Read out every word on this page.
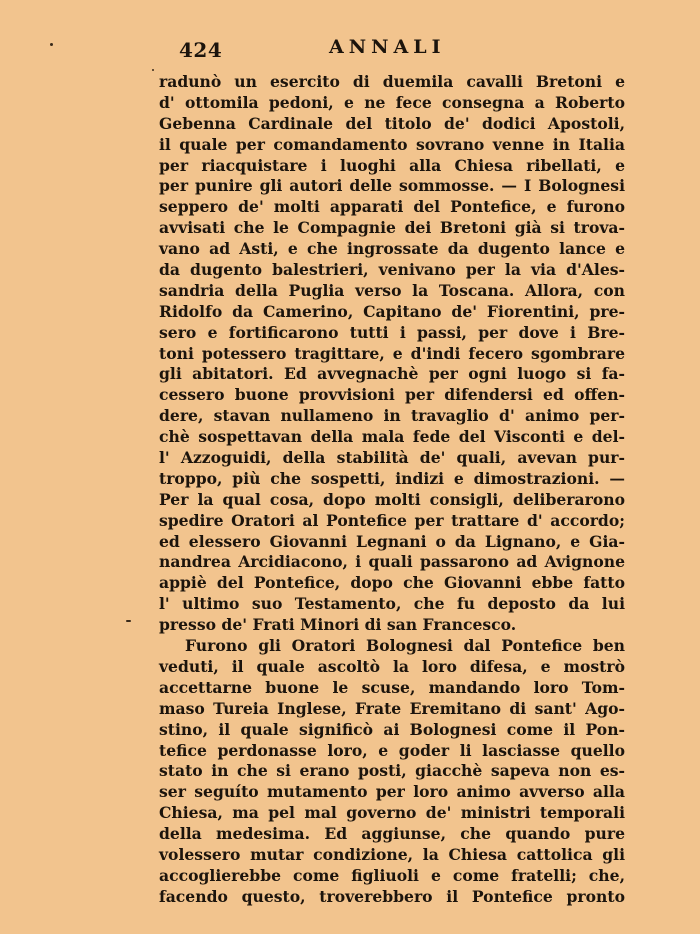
424	ANNALI
radunò un esercito di duemila cavalli Bretoni e
d' ottomila pedoni, e ne fece consegna a Roberto
Gebenna Cardinale del titolo de' dodici Apostoli,
il quale per comandamento sovrano venne in Italia
per riacquistare i luoghi alla Chiesa ribellati, e
per punire gli autori delle sommosse. — I Bolognesi
seppero de' molti apparati del Pontefice, e furono
avvisati che le Compagnie dei Bretoni già si trova-
vano ad Asti, e che ingrossate da dugento lance e
da dugento balestrieri, venivano per la via d'Ales-
sandria della Puglia verso la Toscana. Allora, con
Ridolfo da Camerino, Capitano de' Fiorentini, pre-
sero e fortificarono tutti i passi, per dove i Bre-
toni potessero tragittare, e d'indi fecero sgombrare
gli abitatori. Ed avvegnachè per ogni luogo si fa-
cessero buone provvisioni per difendersi ed offen-
dere, stavan nullameno in travaglio d' animo per-
chè sospettavan della mala fede del Visconti e del-
l' Azzoguidi, della stabilità de' quali, avevan pur-
troppo, più che sospetti, indizi e dimostrazioni. —
Per la qual cosa, dopo molti consigli, deliberarono
spedire Oratori al Pontefice per trattare d' accordo;
ed elessero Giovanni Legnani o da Lignano, e Gia-
nandrea Arcidiacono, i quali passarono ad Avignone
appiè del Pontefice, dopo che Giovanni ebbe fatto
l' ultimo suo Testamento, che fu deposto da lui
presso de' Frati Minori di san Francesco.
Furono gli Oratori Bolognesi dal Pontefice ben
veduti, il quale ascoltò la loro difesa, e mostrò
accettarne buone le scuse, mandando loro Tom-
maso Tureia Inglese, Frate Eremitano di sant' Ago-
stino, il quale significò ai Bolognesi come il Pon-
tefice perdonasse loro, e goder li lasciasse quello
stato in che si erano posti, giacchè sapeva non es-
ser seguíto mutamento per loro animo avverso alla
Chiesa, ma pel mal governo de' ministri temporali
della medesima. Ed aggiunse, che quando pure
volessero mutar condizione, la Chiesa cattolica gli
accoglierebbe come figliuoli e come fratelli; che,
facendo questo, troverebbero il Pontefice pronto
